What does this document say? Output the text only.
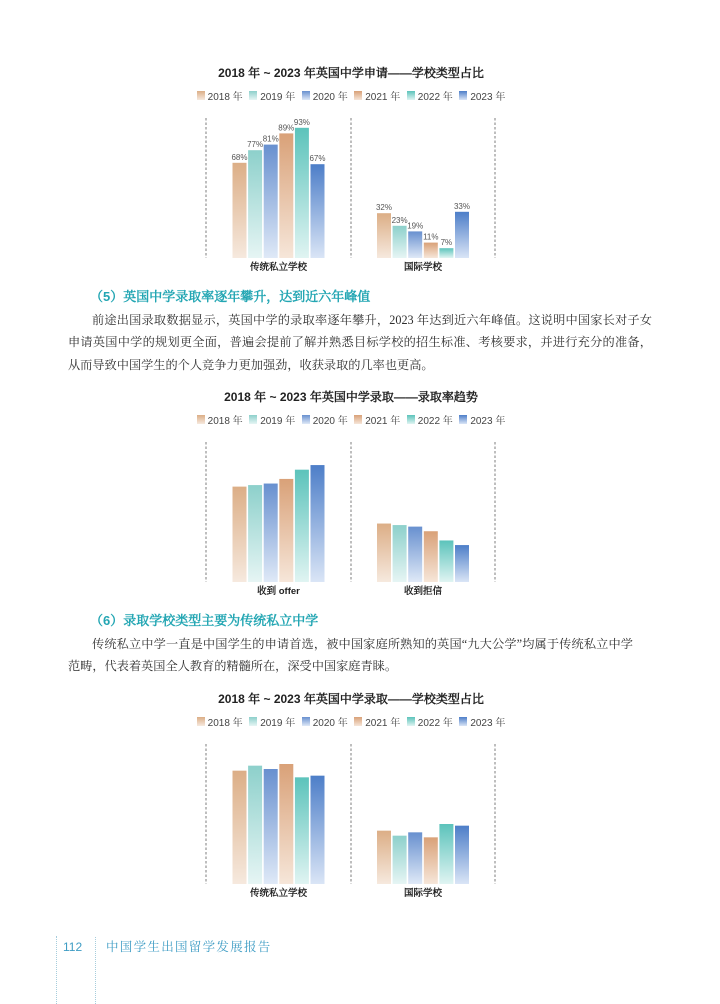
2018 年 ~ 2023 年英国中学申请——学校类型占比
2018 年 2019 年 2020 年 2021 年 2022 年 2023 年
68%
77%
81%
89%
93%
67%
传统私立学校
32%
23%
19%
11%
7%
33%
国际学校
（5）英国中学录取率逐年攀升，达到近六年峰值
前途出国录取数据显示，英国中学的录取率逐年攀升，2023 年达到近六年峰值。这说明中国家长对子女
申请英国中学的规划更全面，普遍会提前了解并熟悉目标学校的招生标准、考核要求，并进行充分的准备，
从而导致中国学生的个人竞争力更加强劲，收获录取的几率也更高。
2018 年 ~ 2023 年英国中学录取——录取率趋势
2018 年 2019 年 2020 年 2021 年 2022 年 2023 年
收到 offer	收到拒信
（6）录取学校类型主要为传统私立中学
传统私立中学一直是中国学生的申请首选，被中国家庭所熟知的英国“九大公学”均属于传统私立中学
范畴，代表着英国全人教育的精髓所在，深受中国家庭青睐。
2018 年 ~ 2023 年英国中学录取——学校类型占比
2018 年 2019 年 2020 年 2021 年 2022 年 2023 年
传统私立学校	国际学校
112 中国学生出国留学发展报告
